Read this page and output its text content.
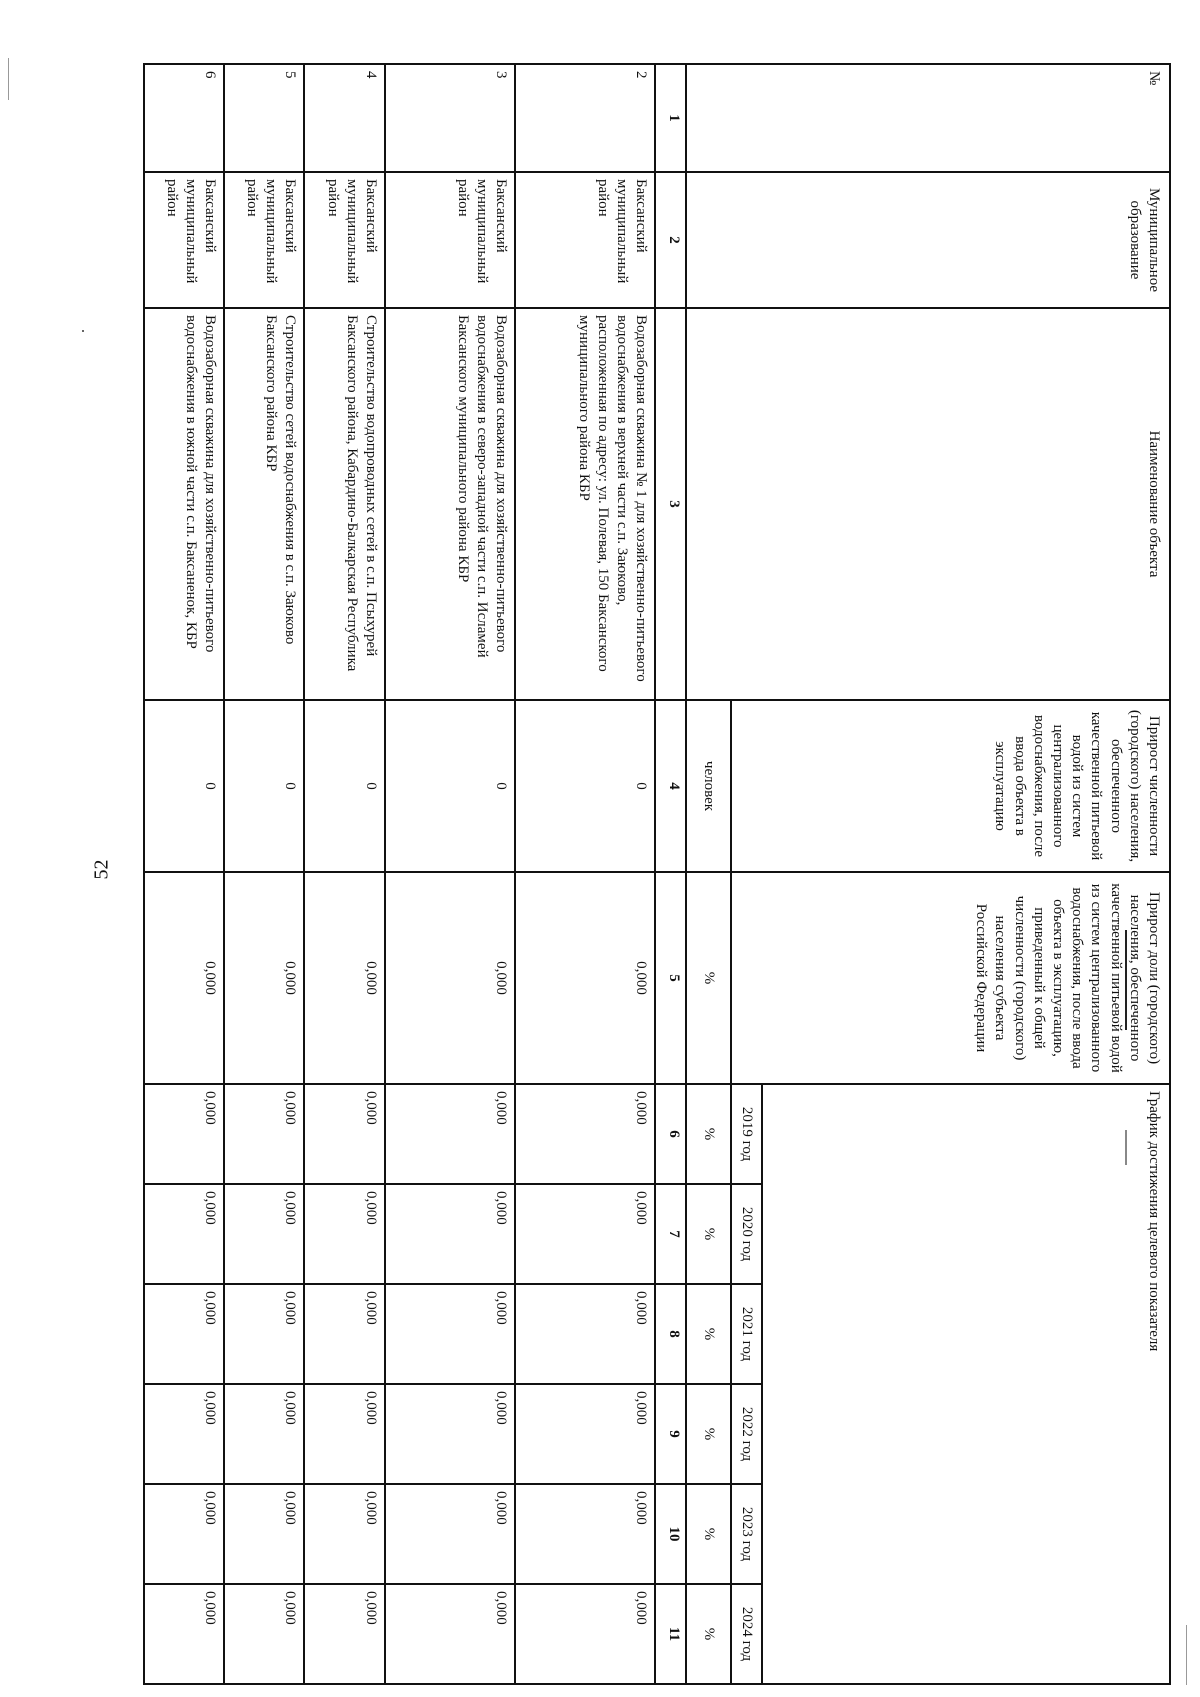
52
№	Муниципальное образование	Наименование объекта	Прирост численности (городского) населения, обеспеченного качественной питьевой водой из систем централизованного водоснабжения, после ввода объекта в эксплуатацию	Прирост доли (городского) населения, обеспеченного качественной питьевой водой из систем централизованного водоснабжения, после ввода объекта в эксплуатацию, приведенный к общей численности (городского) населения субъекта Российской Федерации	График достижения целевого показателя					
					2019 год	2020 год	2021 год	2022 год	2023 год	2024 год
			человек	%	%	%	%	%	%	%
1	2	3	4	5	6	7	8	9	10	11
2	Баксанский муниципальный район	Водозаборная скважина № 1 для хозяйственно-питьевого водоснабжения в верхней части с.п. Заюково, расположенная по адресу: ул. Полевая, 150 Баксанского муниципального района КБР	0	0,000	0,000	0,000	0,000	0,000	0,000	0,000
3	Баксанский муниципальный район	Водозаборная скважина для хозяйственно-питьевого водоснабжения в северо-западной части с.п. Исламей Баксанского муниципального района КБР	0	0,000	0,000	0,000	0,000	0,000	0,000	0,000
4	Баксанский муниципальный район	Строительство водопроводных сетей в с.п. Псыхурей Баксанского района, Кабардино-Балкарская Республика	0	0,000	0,000	0,000	0,000	0,000	0,000	0,000
5	Баксанский муниципальный район	Строительство сетей водоснабжения в с.п. Заюково Баксанского района КБР	0	0,000	0,000	0,000	0,000	0,000	0,000	0,000
6	Баксанский муниципальный район	Водозаборная скважина для хозяйственно-питьевого водоснабжения в южной части с.п. Баксаненок, КБР	0	0,000	0,000	0,000	0,000	0,000	0,000	0,000
